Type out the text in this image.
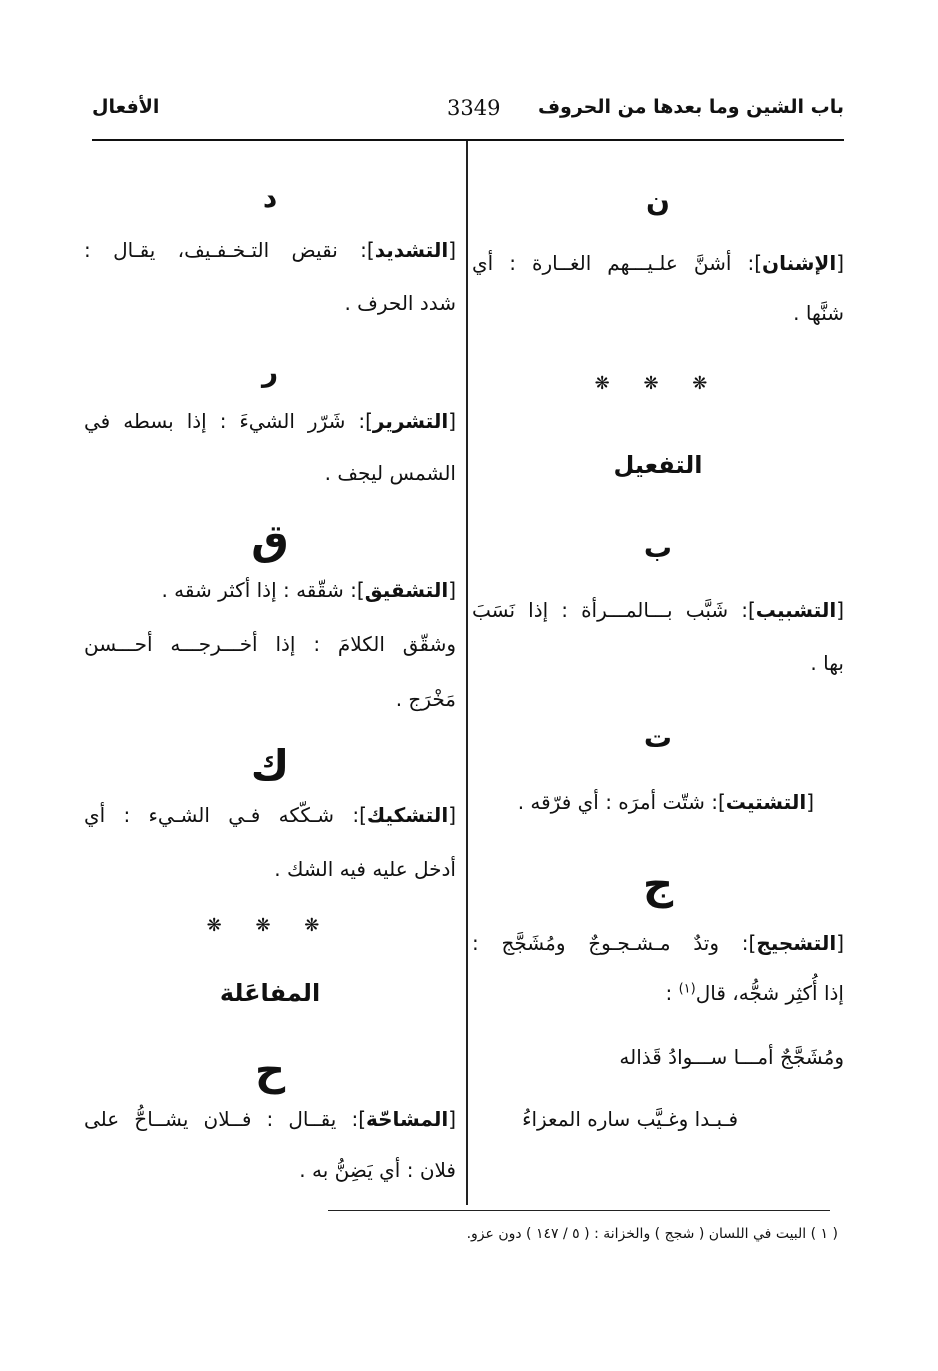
باب الشين وما بعدها من الحروف
3349
الأفعال
ن
[الإشنان]: أشنَّ علـيـــهم الغــارة : أي
شنَّها .
❋ ❋ ❋
التفعيل
ب
[التشبيب]: شَبَّب بـــالمـــرأة : إذا نَسَبَ
بها .
ت
[التشتيت]: شتّت أمرَه : أي فرّقه .
ج
[التشجيج]: وتدٌ مـشـجـوجٌ ومُشَجَّج :
إذا أُكثِر شجُّه، قال$^{(١)}$ :
ومُشَجَّجٌ أمـــا ســـوادُ قَذاله
فـبـدا وغـيَّب ساره المعزاءُ
د
[التشديد]: نقيض التـخـفـيف، يقـال :
شدد الحرف .
ر
[التشرير]: شَرّر الشيءَ : إذا بسطه في
الشمس ليجف .
ق
[التشقيق]: شقّقه : إذا أكثر شقه .
وشقّق الكلامَ : إذا أخـــرجـــه أحـــسن
مَخْرَج .
ك
[التشكيك]: شـكّكه فـي الشـيء : أي
أدخل عليه فيه الشك .
❋ ❋ ❋
المفاعَلة
ح
[المشاحّة]: يقــال : فــلان يشــاحُّ على
فلان : أي يَضِنُّ به .
( ١ ) البيت في اللسان ( شجج ) والخزانة : ( ٥ / ١٤٧ ) دون عزو.
